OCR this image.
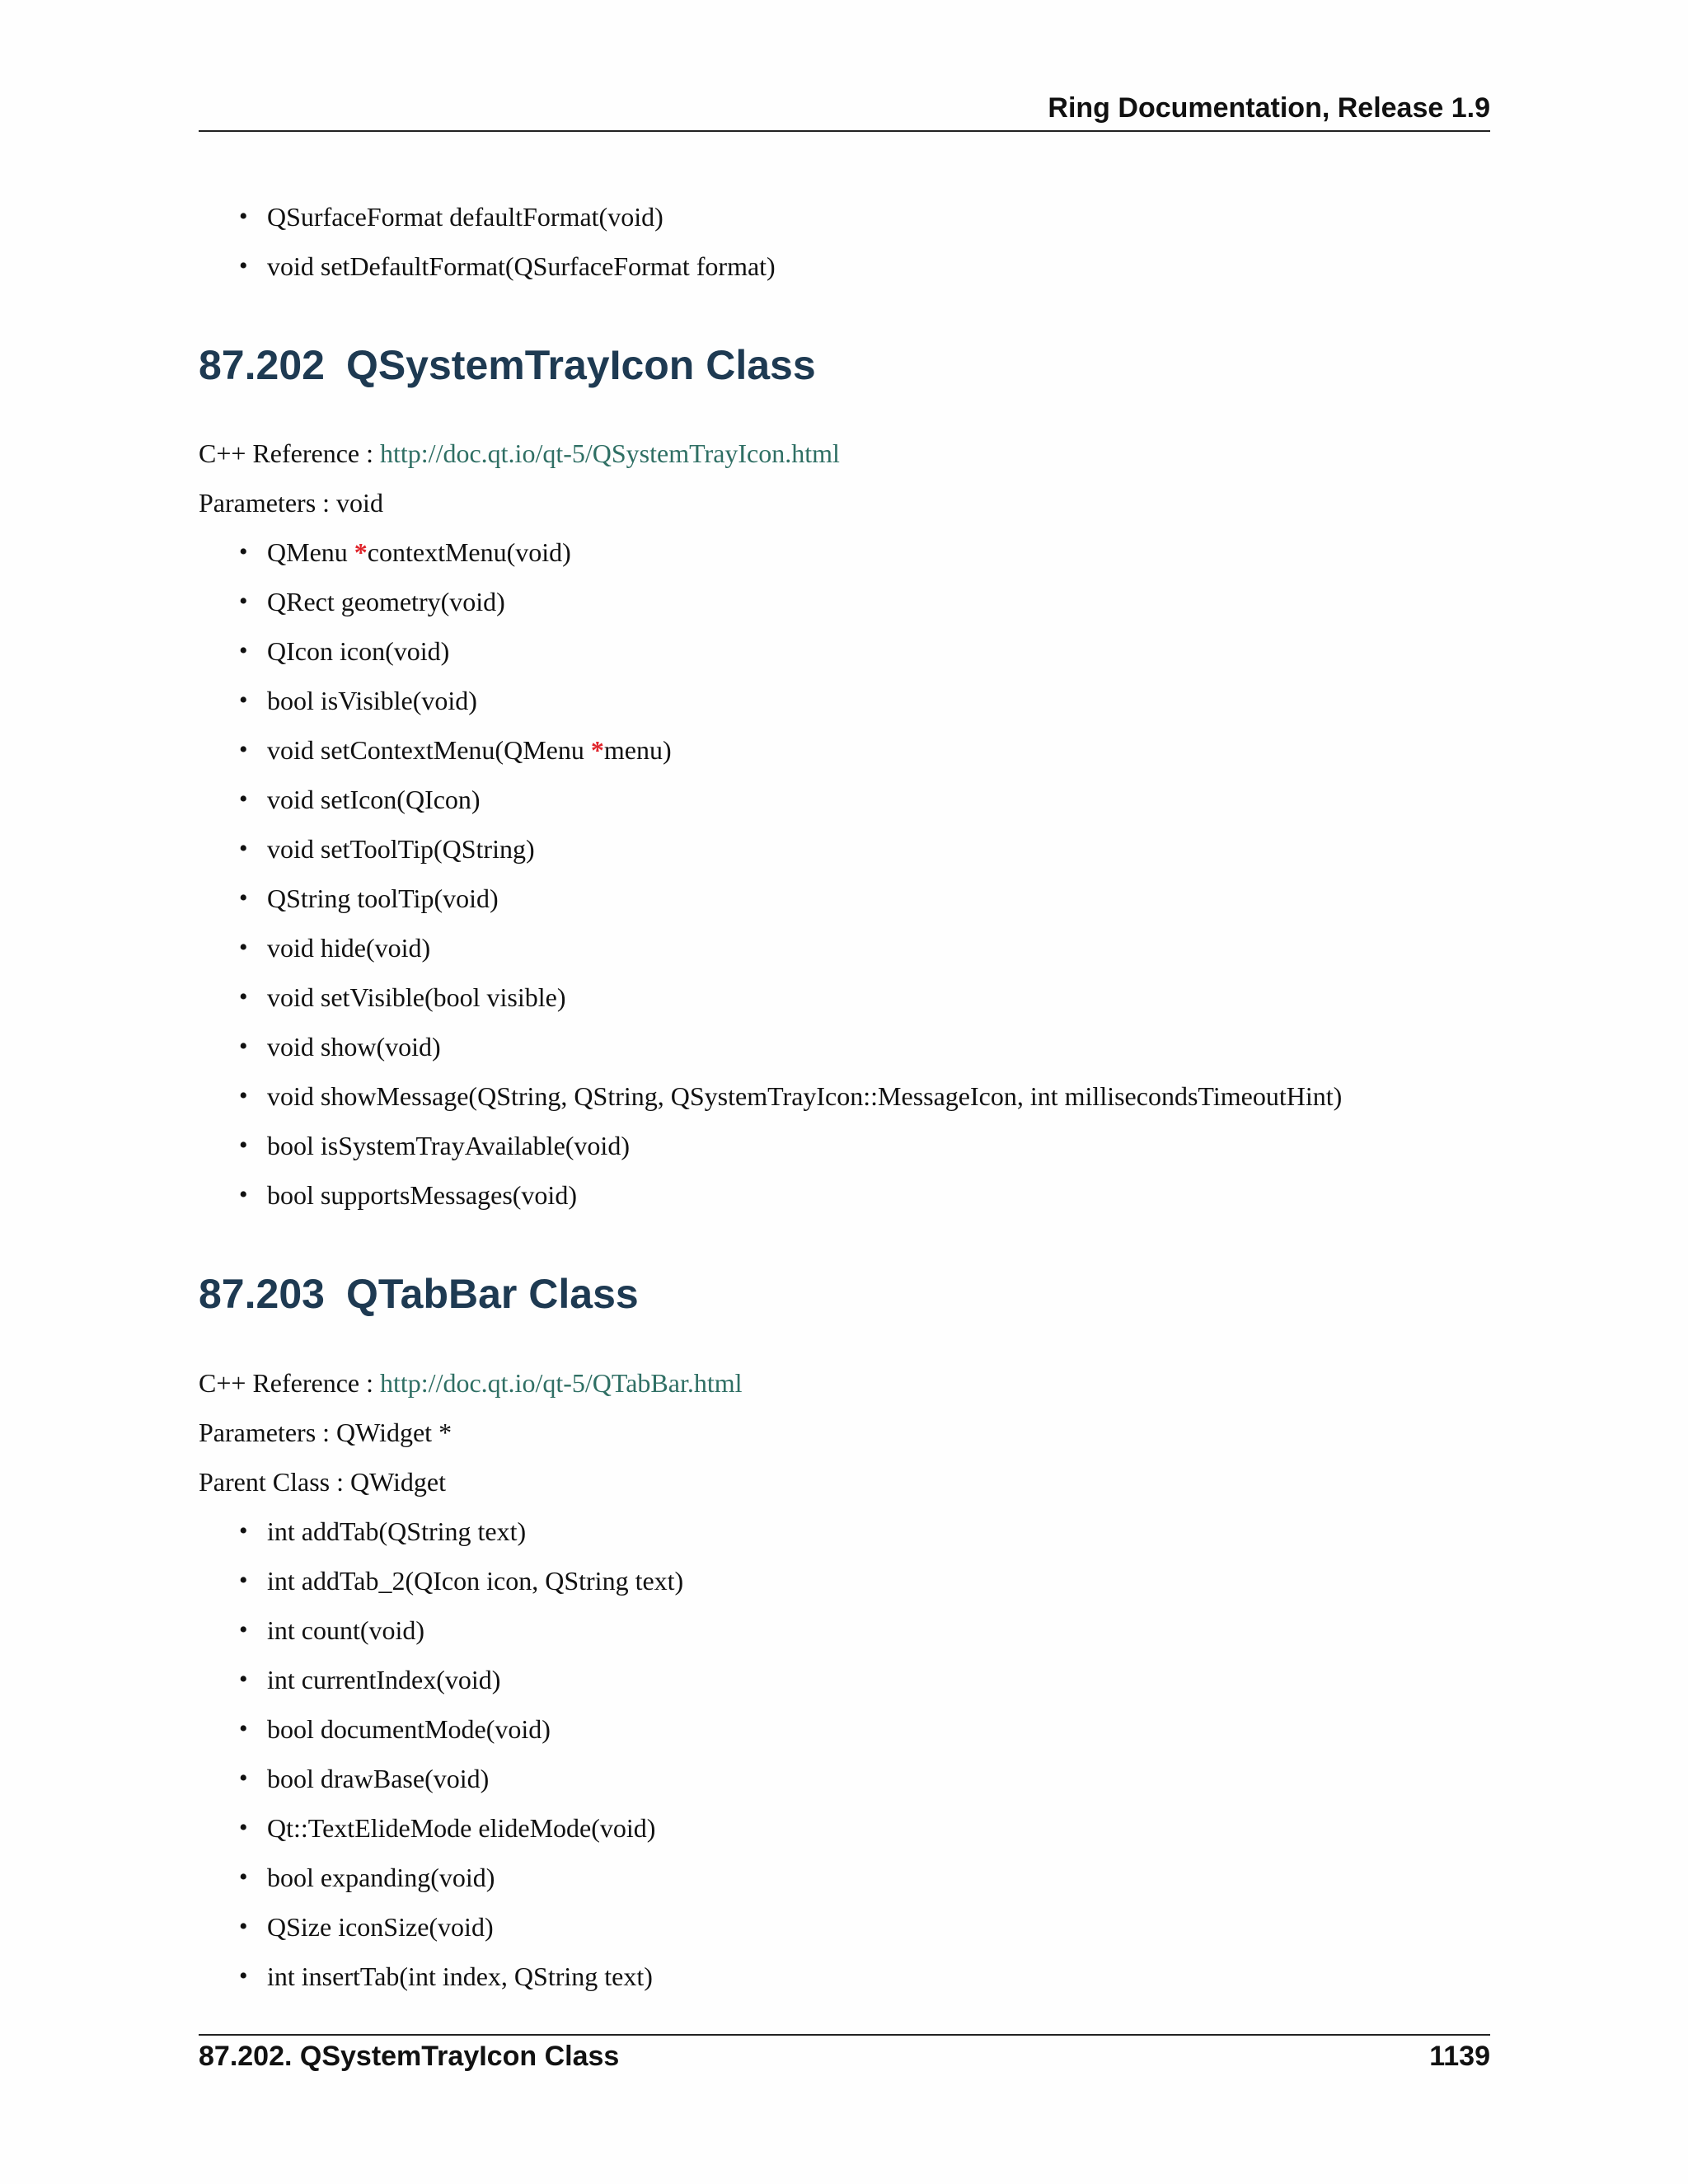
Ring Documentation, Release 1.9
• QSurfaceFormat defaultFormat(void)
• void setDefaultFormat(QSurfaceFormat format)
87.202 QSystemTrayIcon Class
C++ Reference : http://doc.qt.io/qt-5/QSystemTrayIcon.html
Parameters : void
• QMenu *contextMenu(void)
• QRect geometry(void)
• QIcon icon(void)
• bool isVisible(void)
• void setContextMenu(QMenu *menu)
• void setIcon(QIcon)
• void setToolTip(QString)
• QString toolTip(void)
• void hide(void)
• void setVisible(bool visible)
• void show(void)
• void showMessage(QString, QString, QSystemTrayIcon::MessageIcon, int millisecondsTimeoutHint)
• bool isSystemTrayAvailable(void)
• bool supportsMessages(void)
87.203 QTabBar Class
C++ Reference : http://doc.qt.io/qt-5/QTabBar.html
Parameters : QWidget *
Parent Class : QWidget
• int addTab(QString text)
• int addTab_2(QIcon icon, QString text)
• int count(void)
• int currentIndex(void)
• bool documentMode(void)
• bool drawBase(void)
• Qt::TextElideMode elideMode(void)
• bool expanding(void)
• QSize iconSize(void)
• int insertTab(int index, QString text)
87.202. QSystemTrayIcon Class	1139
